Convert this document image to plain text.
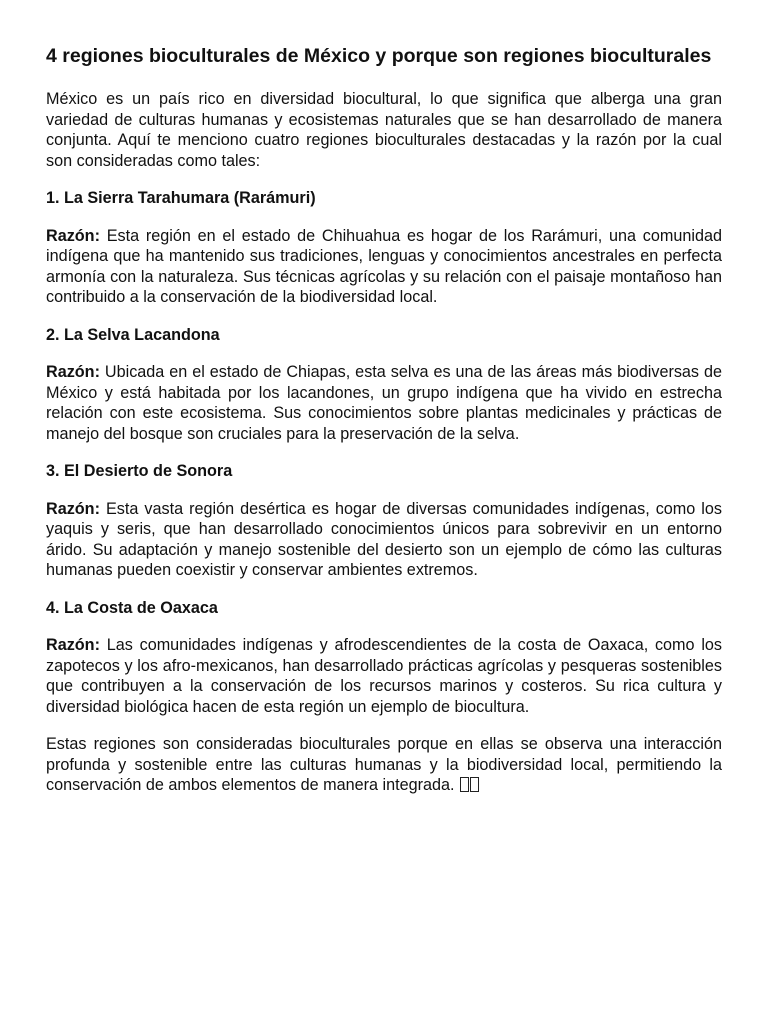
4 regiones bioculturales de México y porque son regiones bioculturales

México es un país rico en diversidad biocultural, lo que significa que alberga una gran variedad de culturas humanas y ecosistemas naturales que se han desarrollado de manera conjunta. Aquí te menciono cuatro regiones bioculturales destacadas y la razón por la cual son consideradas como tales:

1. La Sierra Tarahumara (Rarámuri)

Razón: Esta región en el estado de Chihuahua es hogar de los Rarámuri, una comunidad indígena que ha mantenido sus tradiciones, lenguas y conocimientos ancestrales en perfecta armonía con la naturaleza. Sus técnicas agrícolas y su relación con el paisaje montañoso han contribuido a la conservación de la biodiversidad local.

2. La Selva Lacandona

Razón: Ubicada en el estado de Chiapas, esta selva es una de las áreas más biodiversas de México y está habitada por los lacandones, un grupo indígena que ha vivido en estrecha relación con este ecosistema. Sus conocimientos sobre plantas medicinales y prácticas de manejo del bosque son cruciales para la preservación de la selva.

3. El Desierto de Sonora

Razón: Esta vasta región desértica es hogar de diversas comunidades indígenas, como los yaquis y seris, que han desarrollado conocimientos únicos para sobrevivir en un entorno árido. Su adaptación y manejo sostenible del desierto son un ejemplo de cómo las culturas humanas pueden coexistir y conservar ambientes extremos.

4. La Costa de Oaxaca

Razón: Las comunidades indígenas y afrodescendientes de la costa de Oaxaca, como los zapotecos y los afro-mexicanos, han desarrollado prácticas agrícolas y pesqueras sostenibles que contribuyen a la conservación de los recursos marinos y costeros. Su rica cultura y diversidad biológica hacen de esta región un ejemplo de biocultura.

Estas regiones son consideradas bioculturales porque en ellas se observa una interacción profunda y sostenible entre las culturas humanas y la biodiversidad local, permitiendo la conservación de ambos elementos de manera integrada.
